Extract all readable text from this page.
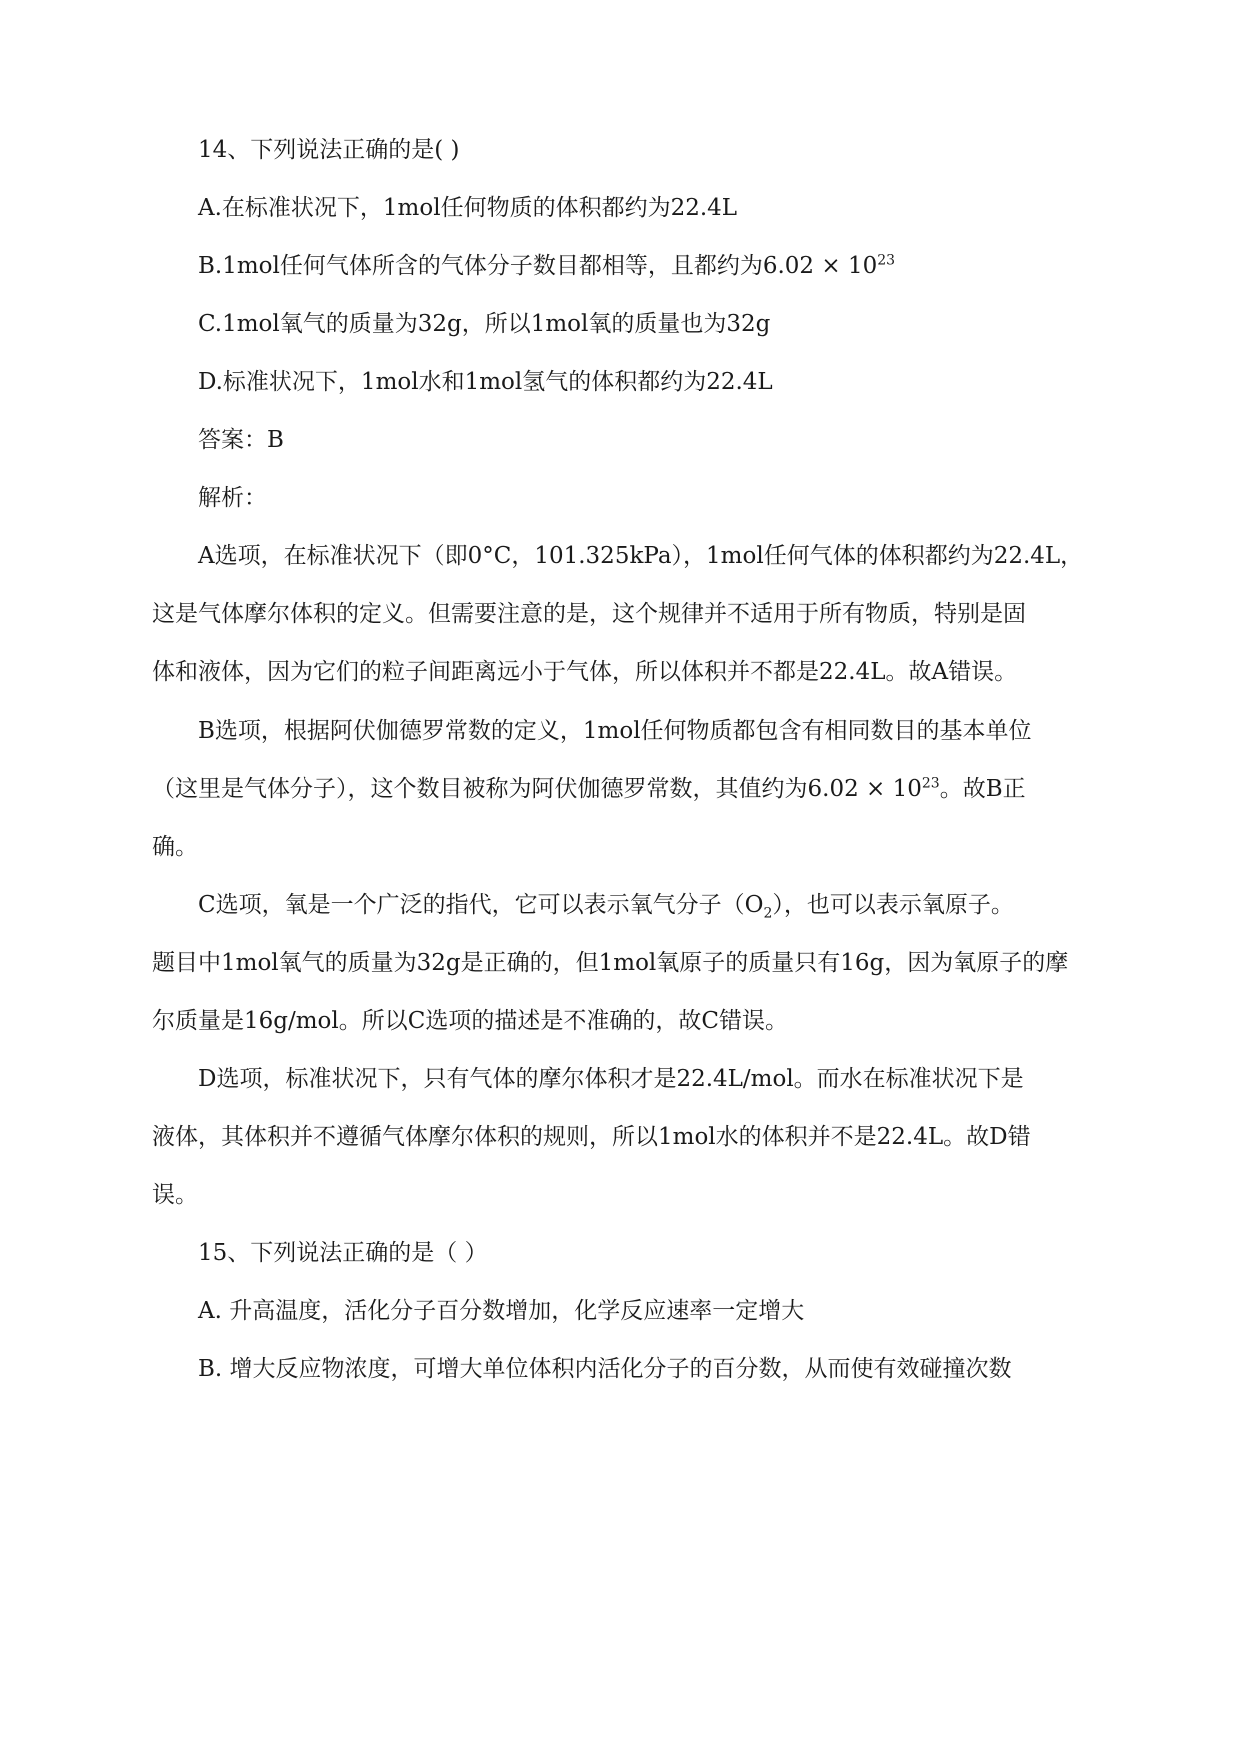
14、下列说法正确的是( )
A.在标准状况下，1mol任何物质的体积都约为22.4L
B.1mol任何气体所含的气体分子数目都相等，且都约为$6.02 \times 10^{23}$
C.1mol氧气的质量为32g，所以1mol氧的质量也为32g
D.标准状况下，1mol水和1mol氢气的体积都约为22.4L
答案：B
解析：
A选项，在标准状况下（即0°C，101.325kPa），1mol任何气体的体积都约为22.4L，
这是气体摩尔体积的定义。但需要注意的是，这个规律并不适用于所有物质，特别是固
体和液体，因为它们的粒子间距离远小于气体，所以体积并不都是22.4L。故A错误。
B选项，根据阿伏伽德罗常数的定义，1mol任何物质都包含有相同数目的基本单位
（这里是气体分子），这个数目被称为阿伏伽德罗常数，其值约为$6.02 \times 10^{23}$。故B正
确。
C选项，氧是一个广泛的指代，它可以表示氧气分子$(O_2)$，也可以表示氧原子。
题目中1mol氧气的质量为32g是正确的，但1mol氧原子的质量只有16g，因为氧原子的摩
尔质量是16g/mol。所以C选项的描述是不准确的，故C错误。
D选项，标准状况下，只有气体的摩尔体积才是22.4L/mol。而水在标准状况下是
液体，其体积并不遵循气体摩尔体积的规则，所以1mol水的体积并不是22.4L。故D错
误。
15、下列说法正确的是（ ）
A. 升高温度，活化分子百分数增加，化学反应速率一定增大
B. 增大反应物浓度，可增大单位体积内活化分子的百分数，从而使有效碰撞次数
